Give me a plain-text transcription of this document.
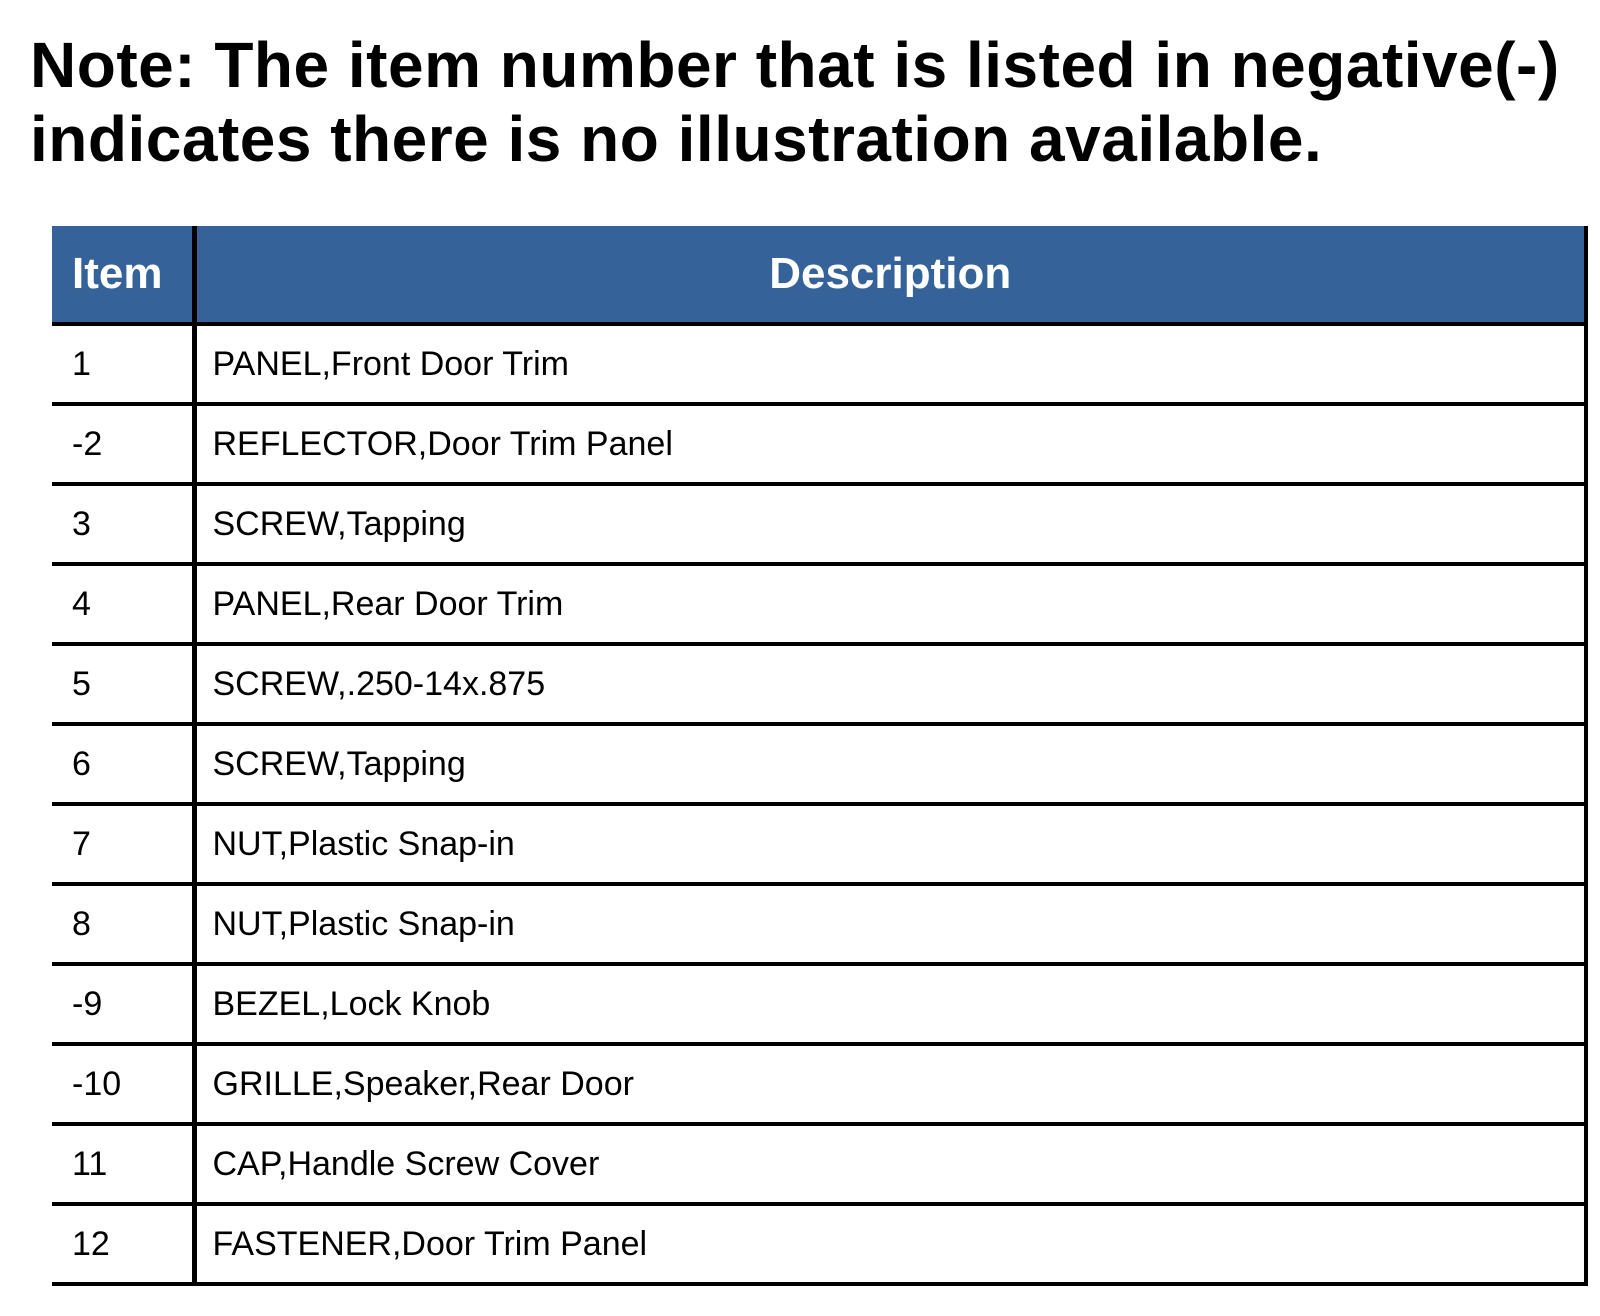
Note: The item number that is listed in negative(-)
indicates there is no illustration available.
Item	Description
1	PANEL,Front Door Trim
-2	REFLECTOR,Door Trim Panel
3	SCREW,Tapping
4	PANEL,Rear Door Trim
5	SCREW,.250-14x.875
6	SCREW,Tapping
7	NUT,Plastic Snap-in
8	NUT,Plastic Snap-in
-9	BEZEL,Lock Knob
-10	GRILLE,Speaker,Rear Door
11	CAP,Handle Screw Cover
12	FASTENER,Door Trim Panel
